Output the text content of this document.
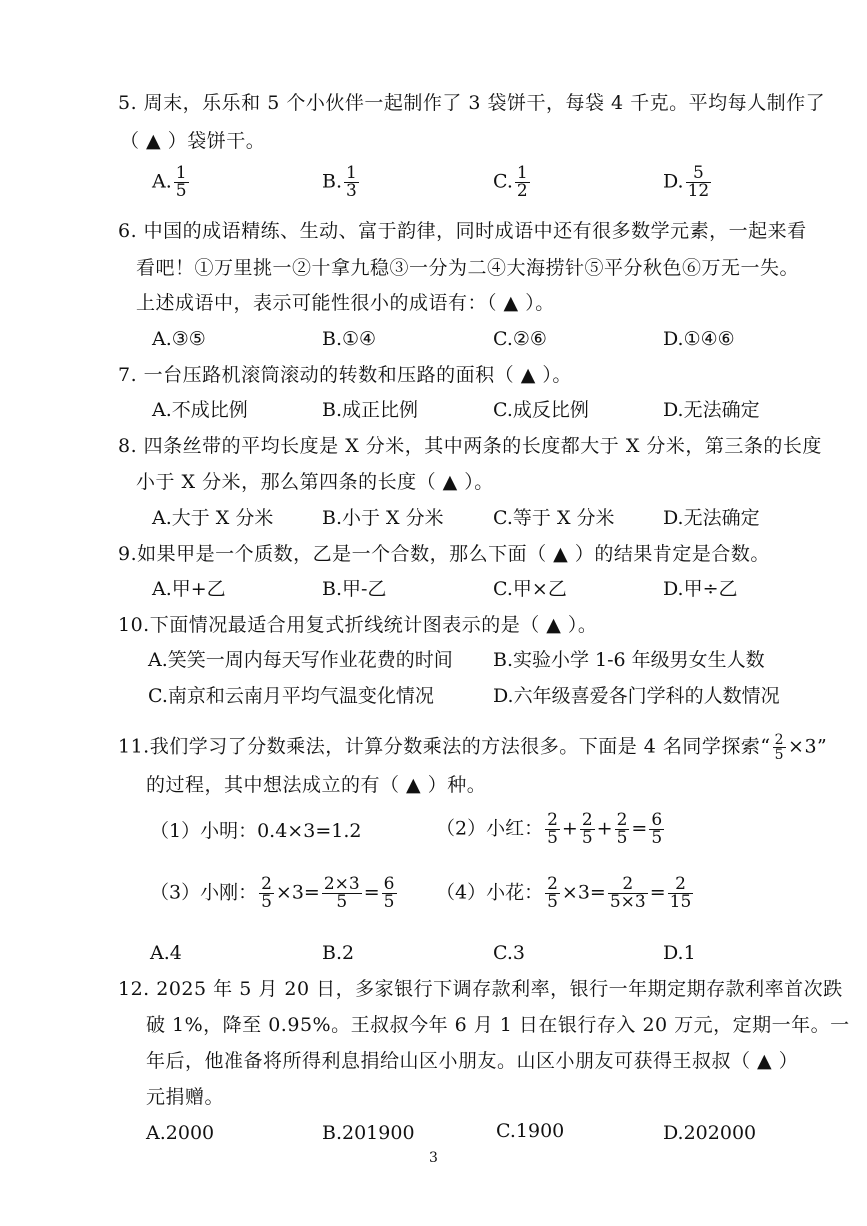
5. 周末，乐乐和 5 个小伙伴一起制作了 3 袋饼干，每袋 4 千克。平均每人制作了
（ ▲ ）袋饼干。
A. $\frac{1}{5}$	B. $\frac{1}{3}$	C. $\frac{1}{2}$	D. $\frac{5}{12}$
6. 中国的成语精练、生动、富于韵律，同时成语中还有很多数学元素，一起来看
看吧！①万里挑一②十拿九稳③一分为二④大海捞针⑤平分秋色⑥万无一失。
上述成语中，表示可能性很小的成语有：（ ▲ ）。
A.③⑤	B.①④	C.②⑥	D.①④⑥
7. 一台压路机滚筒滚动的转数和压路的面积（ ▲ ）。
A.不成比例	B.成正比例	C.成反比例	D.无法确定
8. 四条丝带的平均长度是 X 分米，其中两条的长度都大于 X 分米，第三条的长度
小于 X 分米，那么第四条的长度（ ▲ ）。
A.大于 X 分米	B.小于 X 分米	C.等于 X 分米	D.无法确定
9.如果甲是一个质数，乙是一个合数，那么下面（ ▲ ）的结果肯定是合数。
A.甲+乙	B.甲-乙	C.甲×乙	D.甲÷乙
10.下面情况最适合用复式折线统计图表示的是（ ▲ ）。
A.笑笑一周内每天写作业花费的时间 B.实验小学 1-6 年级男女生人数
C.南京和云南月平均气温变化情况	D.六年级喜爱各门学科的人数情况
11.我们学习了分数乘法，计算分数乘法的方法很多。下面是 4 名同学探索“ $\frac{2}{5} \times 3$”
的过程，其中想法成立的有（ ▲ ）种。
（1）小明：0.4×3=1.2	（2）小红： $\frac{2}{5} + \frac{2}{5} + \frac{2}{5} = \frac{6}{5}$
（3）小刚： $\frac{2}{5} \times 3= \frac{2\times 3}{5} = \frac{6}{5} (4)$小花： $\frac{2}{5} \times 3= \frac{2}{5\times 3} = \frac{2}{15}$
A.4	B.2	C.3	D.1
12. 2025 年 5 月 20 日，多家银行下调存款利率，银行一年期定期存款利率首次跌
破 1%，降至 0.95%。王叔叔今年 6 月 1 日在银行存入 20 万元，定期一年。一
年后，他准备将所得利息捐给山区小朋友。山区小朋友可获得王叔叔（ ▲ ）
元捐赠。
A.2000	B.201900	C.1900	D.202000
3
